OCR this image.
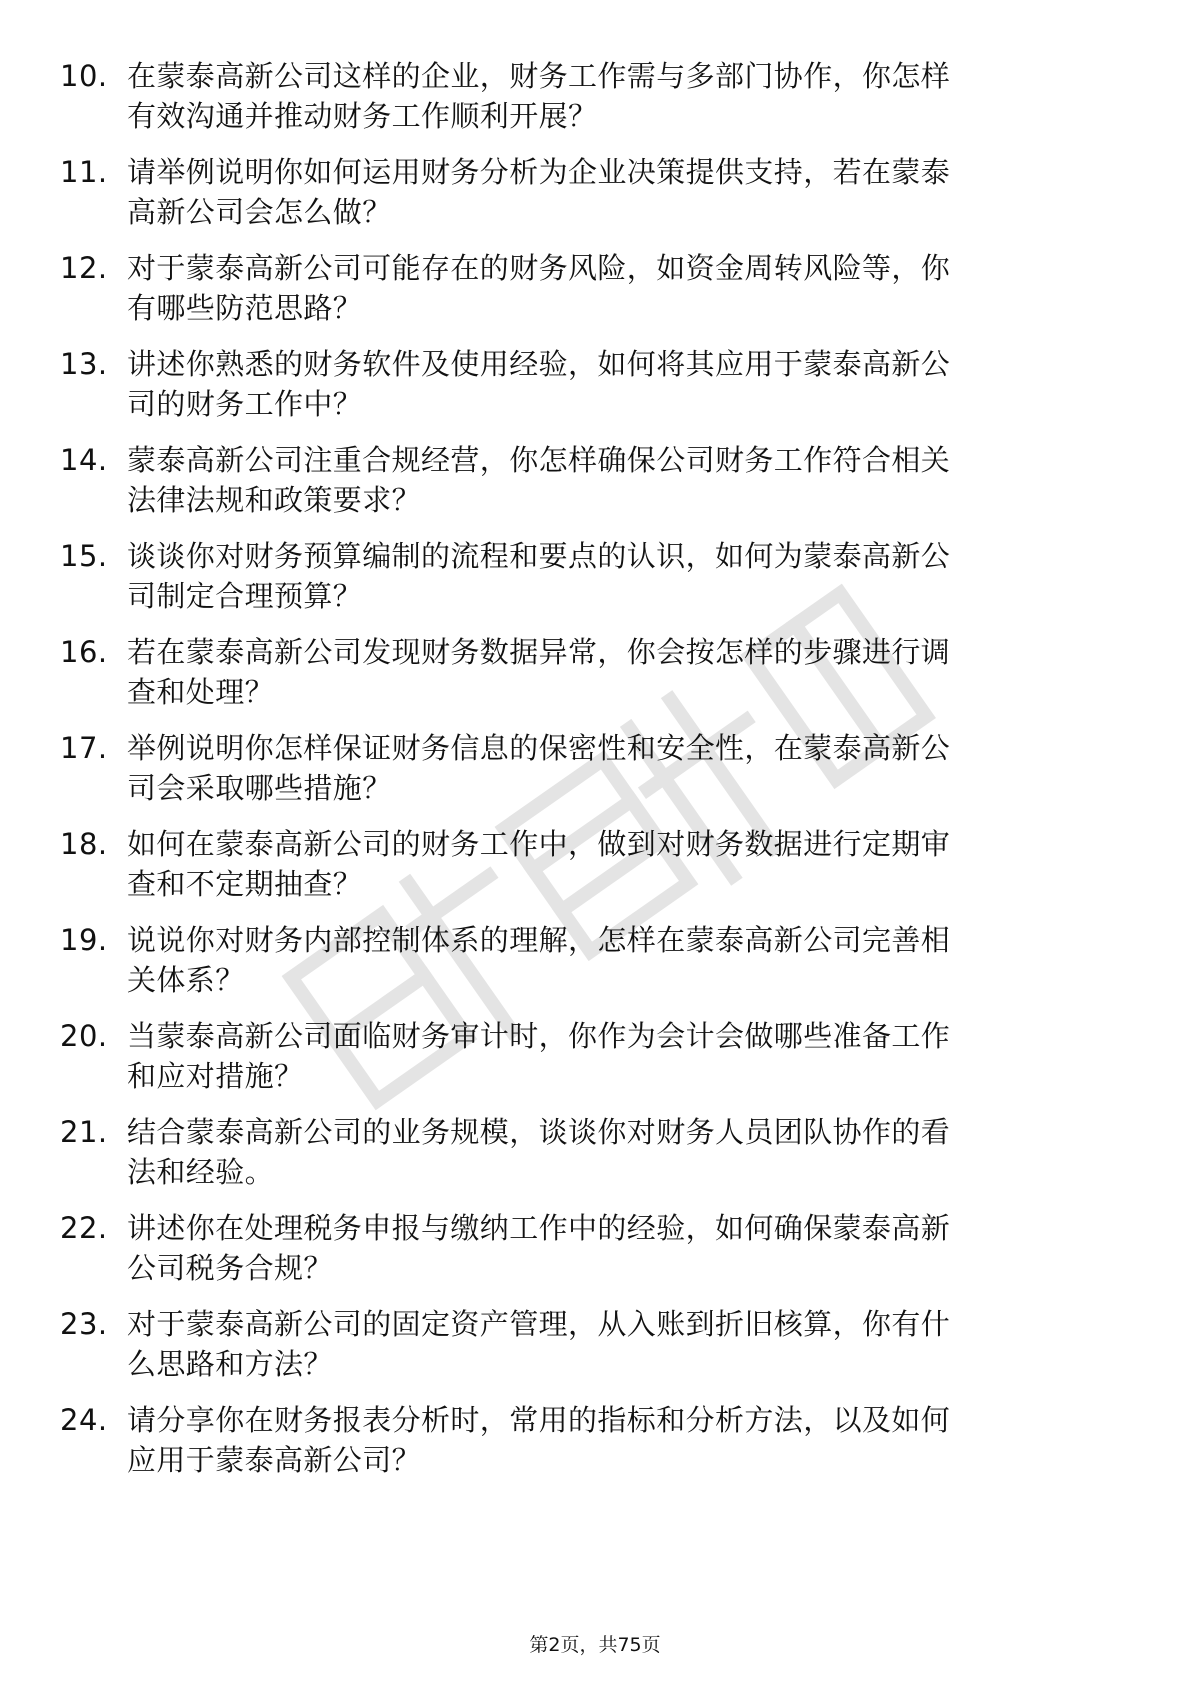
10. 在蒙泰高新公司这样的企业，财务工作需与多部门协作，你怎样
有效沟通并推动财务工作顺利开展？
11. 请举例说明你如何运用财务分析为企业决策提供支持，若在蒙泰
高新公司会怎么做？
12. 对于蒙泰高新公司可能存在的财务风险，如资金周转风险等，你
有哪些防范思路？
13. 讲述你熟悉的财务软件及使用经验，如何将其应用于蒙泰高新公
司的财务工作中？
14. 蒙泰高新公司注重合规经营，你怎样确保公司财务工作符合相关
法律法规和政策要求？
15. 谈谈你对财务预算编制的流程和要点的认识，如何为蒙泰高新公
司制定合理预算？
16. 若在蒙泰高新公司发现财务数据异常，你会按怎样的步骤进行调
查和处理？
17. 举例说明你怎样保证财务信息的保密性和安全性，在蒙泰高新公
司会采取哪些措施？
18. 如何在蒙泰高新公司的财务工作中，做到对财务数据进行定期审
查和不定期抽查？
19. 说说你对财务内部控制体系的理解，怎样在蒙泰高新公司完善相
关体系？
20. 当蒙泰高新公司面临财务审计时，你作为会计会做哪些准备工作
和应对措施？
21. 结合蒙泰高新公司的业务规模，谈谈你对财务人员团队协作的看
法和经验。
22. 讲述你在处理税务申报与缴纳工作中的经验，如何确保蒙泰高新
公司税务合规？
23. 对于蒙泰高新公司的固定资产管理，从入账到折旧核算，你有什
么思路和方法？
24. 请分享你在财务报表分析时，常用的指标和分析方法，以及如何
应用于蒙泰高新公司？
第2页，共75页
